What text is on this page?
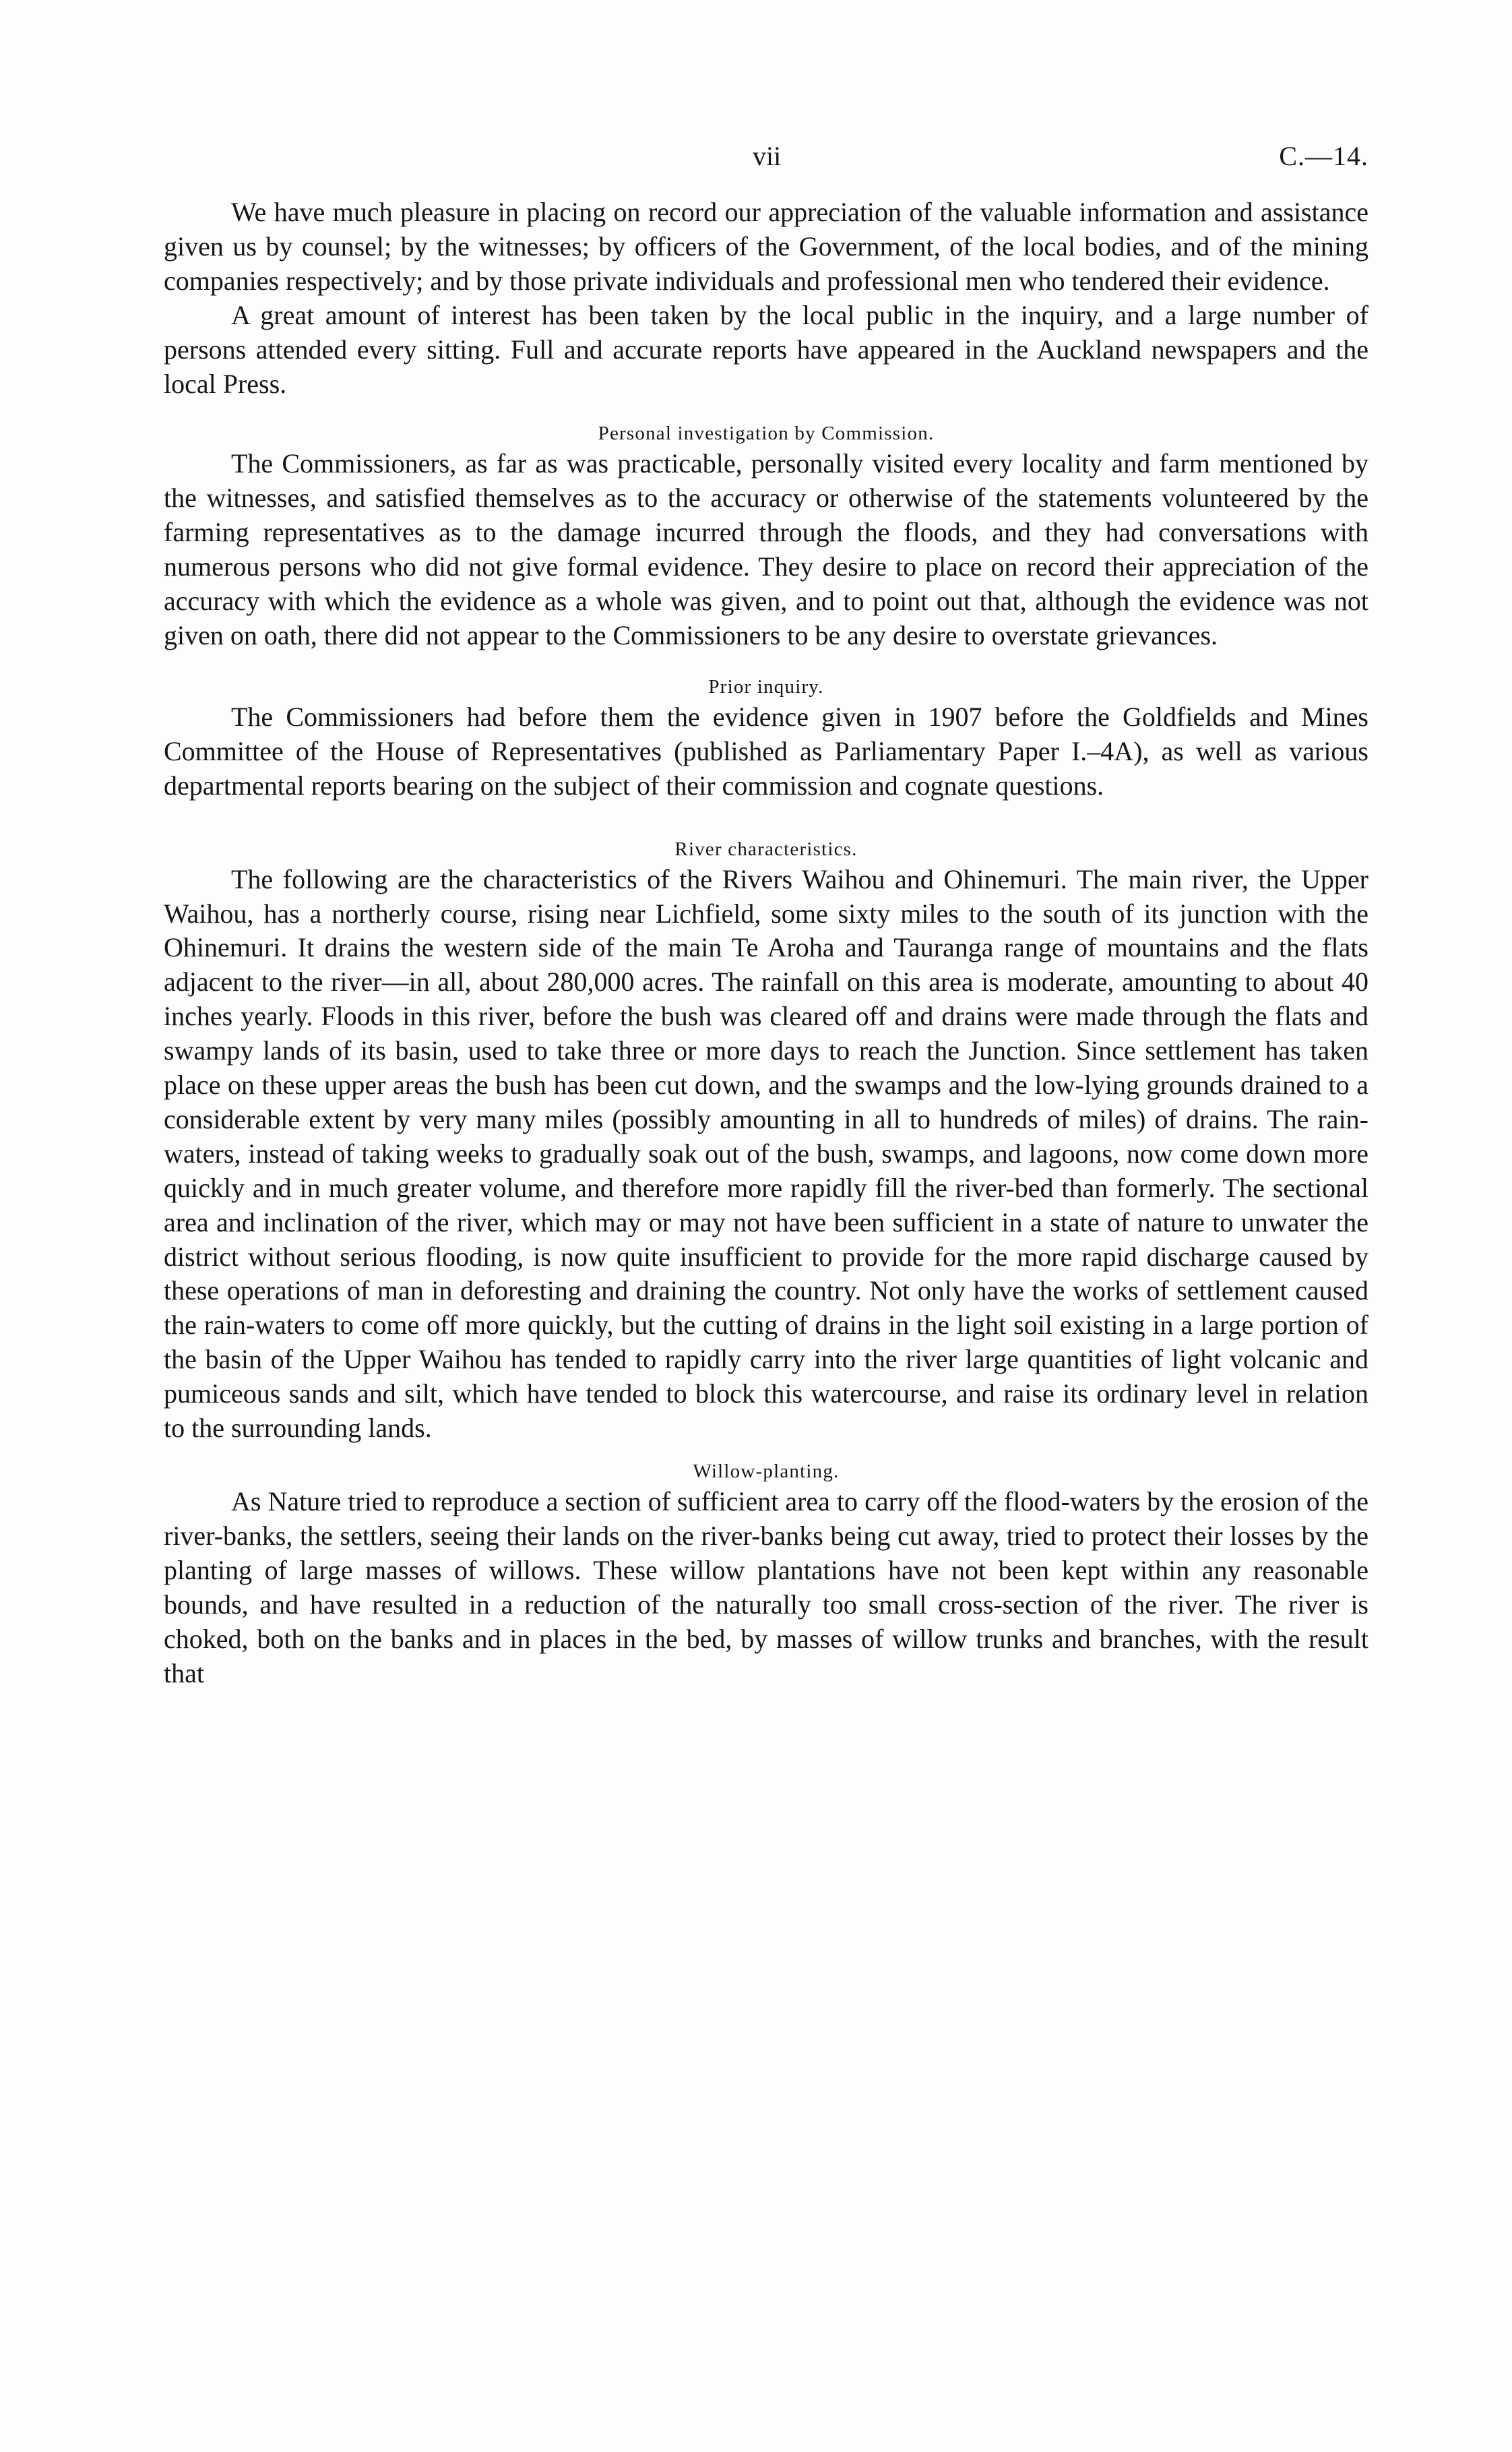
vii	C.—14.

We have much pleasure in placing on record our appreciation of the valuable information and assistance given us by counsel; by the witnesses; by officers of the Government, of the local bodies, and of the mining companies respectively; and by those private individuals and professional men who tendered their evidence.

A great amount of interest has been taken by the local public in the inquiry, and a large number of persons attended every sitting. Full and accurate reports have appeared in the Auckland newspapers and the local Press.

Personal investigation by Commission.

The Commissioners, as far as was practicable, personally visited every locality and farm mentioned by the witnesses, and satisfied themselves as to the accuracy or otherwise of the statements volunteered by the farming representatives as to the damage incurred through the floods, and they had conversations with numerous persons who did not give formal evidence. They desire to place on record their appreciation of the accuracy with which the evidence as a whole was given, and to point out that, although the evidence was not given on oath, there did not appear to the Commissioners to be any desire to overstate grievances.

Prior inquiry.

The Commissioners had before them the evidence given in 1907 before the Goldfields and Mines Committee of the House of Representatives (published as Parliamentary Paper I.–4A), as well as various departmental reports bearing on the subject of their commission and cognate questions.

River characteristics.

The following are the characteristics of the Rivers Waihou and Ohinemuri. The main river, the Upper Waihou, has a northerly course, rising near Lichfield, some sixty miles to the south of its junction with the Ohinemuri. It drains the western side of the main Te Aroha and Tauranga range of mountains and the flats adjacent to the river—in all, about 280,000 acres. The rainfall on this area is moderate, amounting to about 40 inches yearly. Floods in this river, before the bush was cleared off and drains were made through the flats and swampy lands of its basin, used to take three or more days to reach the Junction. Since settlement has taken place on these upper areas the bush has been cut down, and the swamps and the low-lying grounds drained to a considerable extent by very many miles (possibly amounting in all to hundreds of miles) of drains. The rain-waters, instead of taking weeks to gradually soak out of the bush, swamps, and lagoons, now come down more quickly and in much greater volume, and therefore more rapidly fill the river-bed than formerly. The sectional area and inclination of the river, which may or may not have been sufficient in a state of nature to unwater the district without serious flooding, is now quite insufficient to provide for the more rapid discharge caused by these operations of man in deforesting and draining the country. Not only have the works of settlement caused the rain-waters to come off more quickly, but the cutting of drains in the light soil existing in a large portion of the basin of the Upper Waihou has tended to rapidly carry into the river large quantities of light volcanic and pumiceous sands and silt, which have tended to block this watercourse, and raise its ordinary level in relation to the surrounding lands.

Willow-planting.

As Nature tried to reproduce a section of sufficient area to carry off the flood-waters by the erosion of the river-banks, the settlers, seeing their lands on the river-banks being cut away, tried to protect their losses by the planting of large masses of willows. These willow plantations have not been kept within any reasonable bounds, and have resulted in a reduction of the naturally too small cross-section of the river. The river is choked, both on the banks and in places in the bed, by masses of willow trunks and branches, with the result that
